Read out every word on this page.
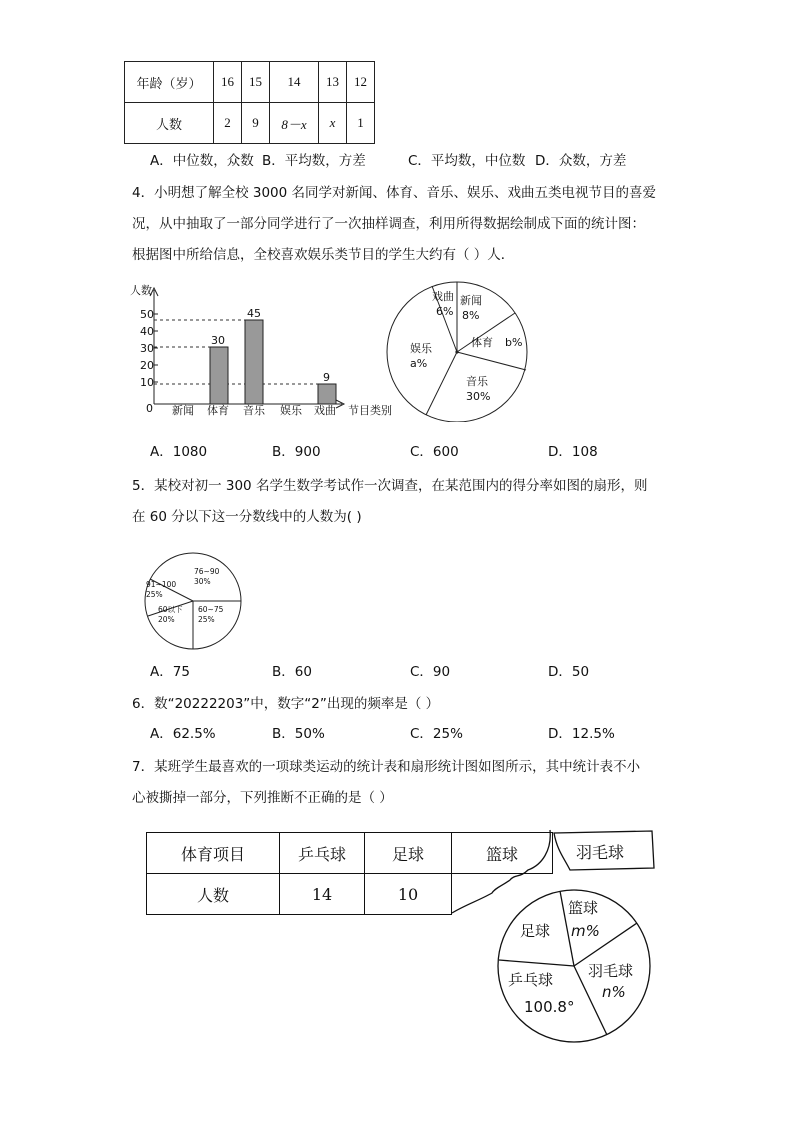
年龄（岁）	16	15	14	13	12
人数	2	9	8－x	x	1
A．中位数，众数 B．平均数，方差	C．平均数，中位数 D．众数，方差
4．小明想了解全校 3000 名同学对新闻、体育、音乐、娱乐、戏曲五类电视节目的喜爱
况，从中抽取了一部分同学进行了一次抽样调查，利用所得数据绘制成下面的统计图：
根据图中所给信息，全校喜欢娱乐类节目的学生大约有（ ）人．
人数
50
40
30
20
10
0
30
45
9
新闻 体育 音乐 娱乐 戏曲 节目类别
戏曲
6%
新闻
8%
体育 b%
音乐
30%
娱乐
a%
A．1080	B．900	C．600	D．108
5．某校对初一 300 名学生数学考试作一次调查，在某范围内的得分率如图的扇形，则
在 60 分以下这一分数线中的人数为( )
76~90
30%
60~75
25%
60以下
20%
91~100
25%
A．75	B．60	C．90	D．50
6．数“20222203”中，数字“2”出现的频率是（ ）
A．62.5%	B．50%	C．25%	D．12.5%
7．某班学生最喜欢的一项球类运动的统计表和扇形统计图如图所示，其中统计表不小
心被撕掉一部分，下列推断不正确的是（ ）
体育项目	乒乓球	足球	篮球
人数	14	10	
羽毛球
篮球
m%
足球
羽毛球
n%
乒乓球
100.8°
